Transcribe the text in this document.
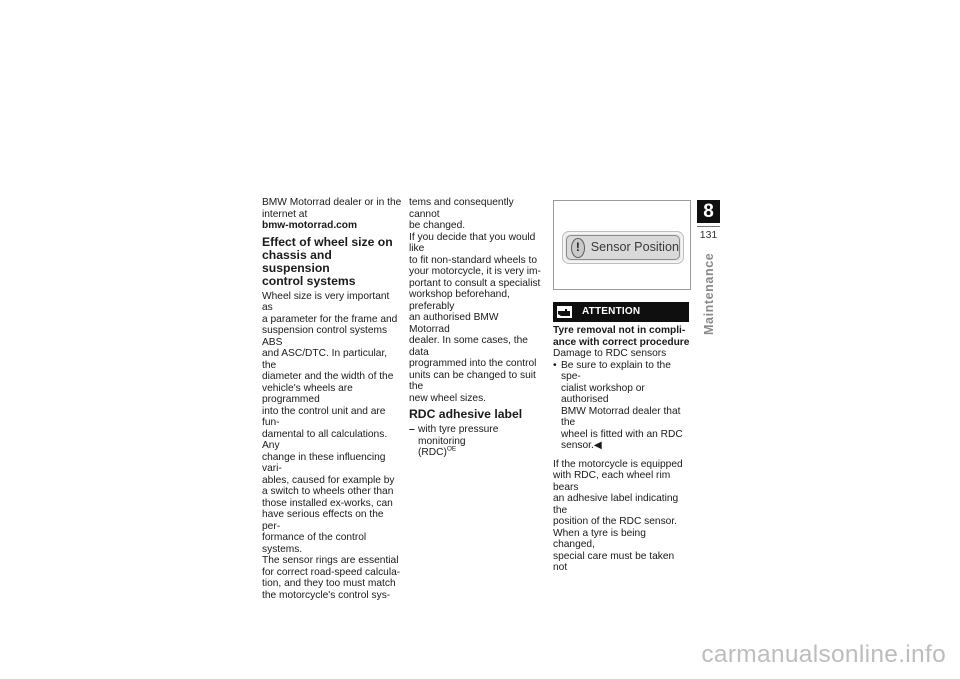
BMW Motorrad dealer or in the

internet at

bmw-motorrad.com

Effect of wheel size on
chassis and suspension
control systems

Wheel size is very important as

a parameter for the frame and

suspension control systems ABS

and ASC/DTC. In particular, the

diameter and the width of the

vehicle's wheels are programmed

into the control unit and are fun-

damental to all calculations. Any

change in these influencing vari-

ables, caused for example by

a switch to wheels other than

those installed ex-works, can

have serious effects on the per-

formance of the control systems.

The sensor rings are essential

for correct road-speed calcula-

tion, and they too must match

the motorcycle's control sys-

tems and consequently cannot

be changed.

If you decide that you would like

to fit non-standard wheels to

your motorcycle, it is very im-

portant to consult a specialist

workshop beforehand, preferably

an authorised BMW Motorrad

dealer. In some cases, the data

programmed into the control

units can be changed to suit the

new wheel sizes.

RDC adhesive label
– with tyre pressure monitoring

(RDC)$^{OE}$

! Sensor Position
ATTENTION

Tyre removal not in compli-

ance with correct procedure

Damage to RDC sensors

• Be sure to explain to the spe-

cialist workshop or authorised

BMW Motorrad dealer that the

wheel is fitted with an RDC

sensor.◀

If the motorcycle is equipped

with RDC, each wheel rim bears

an adhesive label indicating the

position of the RDC sensor.

When a tyre is being changed,

special care must be taken not

8
131
Maintenance
carmanualsonline.info
